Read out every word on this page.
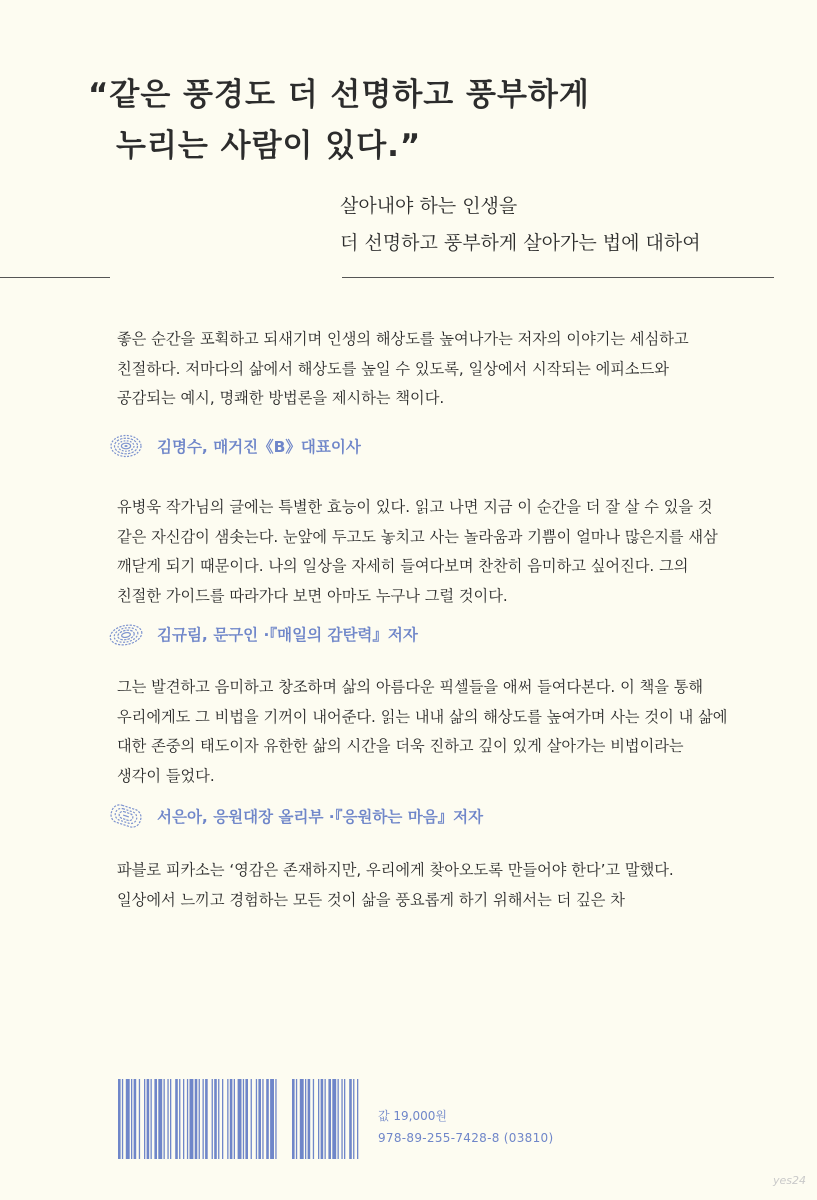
“같은 풍경도 더 선명하고 풍부하게
누리는 사람이 있다.”
살아내야 하는 인생을
더 선명하고 풍부하게 살아가는 법에 대하여

좋은 순간을 포획하고 되새기며 인생의 해상도를 높여나가는 저자의 이야기는 세심하고 친절하다. 저마다의 삶에서 해상도를 높일 수 있도록, 일상에서 시작되는 에피소드와 공감되는 예시, 명쾌한 방법론을 제시하는 책이다.

김명수, 매거진《B》대표이사

유병욱 작가님의 글에는 특별한 효능이 있다. 읽고 나면 지금 이 순간을 더 잘 살 수 있을 것 같은 자신감이 샘솟는다. 눈앞에 두고도 놓치고 사는 놀라움과 기쁨이 얼마나 많은지를 새삼 깨닫게 되기 때문이다. 나의 일상을 자세히 들여다보며 찬찬히 음미하고 싶어진다. 그의 친절한 가이드를 따라가다 보면 아마도 누구나 그럴 것이다.

김규림, 문구인 ·『매일의 감탄력』저자

그는 발견하고 음미하고 창조하며 삶의 아름다운 픽셀들을 애써 들여다본다. 이 책을 통해 우리에게도 그 비법을 기꺼이 내어준다. 읽는 내내 삶의 해상도를 높여가며 사는 것이 내 삶에 대한 존중의 태도이자 유한한 삶의 시간을 더욱 진하고 깊이 있게 살아가는 비법이라는 생각이 들었다.

서은아, 응원대장 올리부 ·『응원하는 마음』저자

파블로 피카소는 ‘영감은 존재하지만, 우리에게 찾아오도록 만들어야 한다’고 말했다. 일상에서 느끼고 경험하는 모든 것이 삶을 풍요롭게 하기 위해서는 더 깊은 차

값 19,000원
978-89-255-7428-8 (03810)
yes24
